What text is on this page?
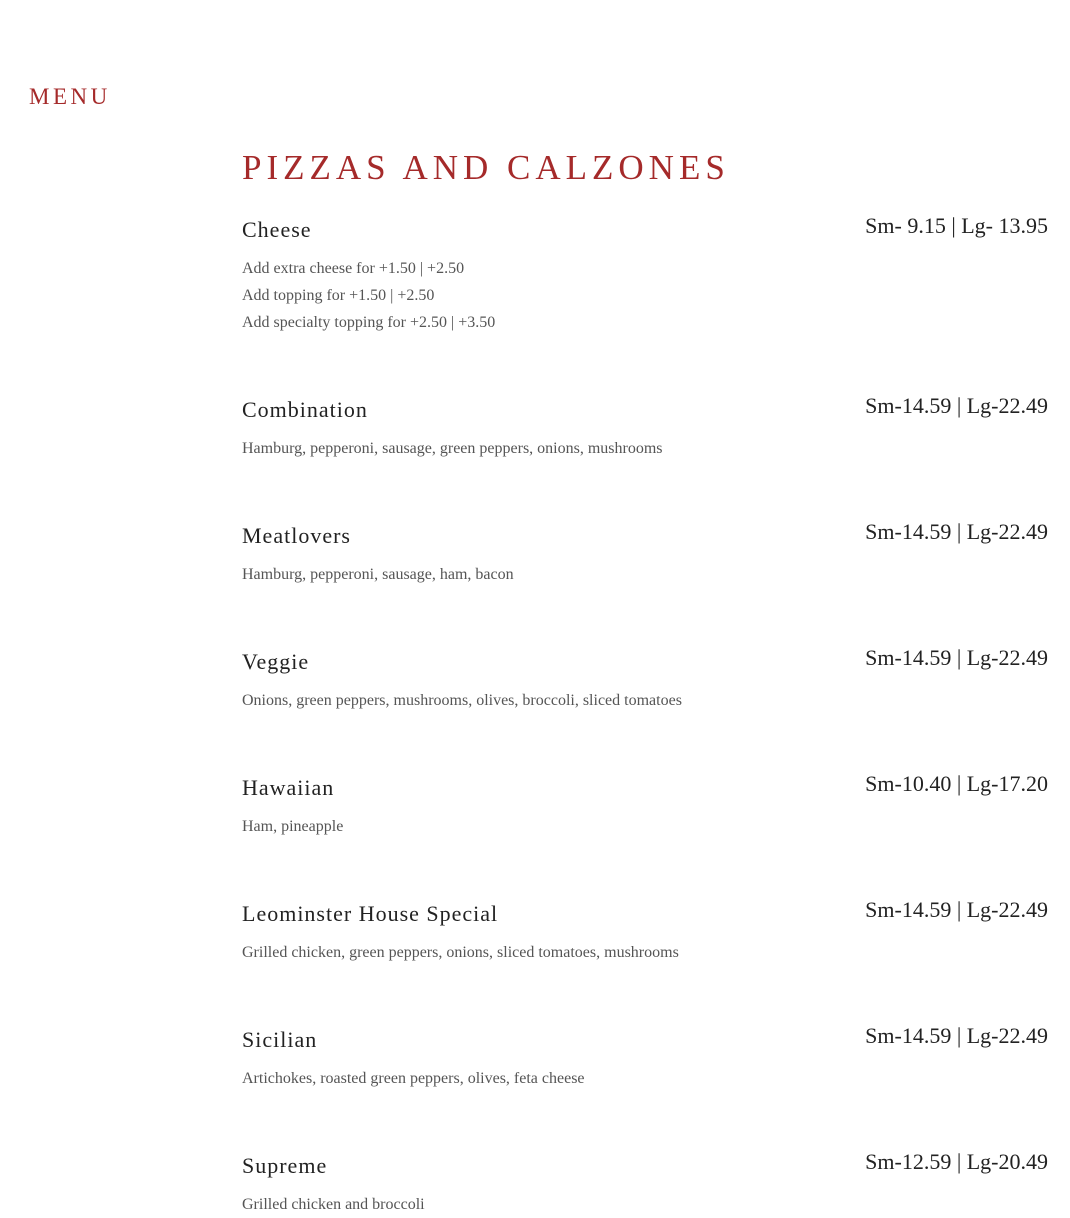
MENU
PIZZAS AND CALZONES
Cheese	Sm- 9.15 | Lg- 13.95
Add extra cheese for +1.50 | +2.50
Add topping for +1.50 | +2.50
Add specialty topping for +2.50 | +3.50
Combination	Sm-14.59 | Lg-22.49
Hamburg, pepperoni, sausage, green peppers, onions, mushrooms
Meatlovers	Sm-14.59 | Lg-22.49
Hamburg, pepperoni, sausage, ham, bacon
Veggie	Sm-14.59 | Lg-22.49
Onions, green peppers, mushrooms, olives, broccoli, sliced tomatoes
Hawaiian	Sm-10.40 | Lg-17.20
Ham, pineapple
Leominster House Special	Sm-14.59 | Lg-22.49
Grilled chicken, green peppers, onions, sliced tomatoes, mushrooms
Sicilian	Sm-14.59 | Lg-22.49
Artichokes, roasted green peppers, olives, feta cheese
Supreme	Sm-12.59 | Lg-20.49
Grilled chicken and broccoli
